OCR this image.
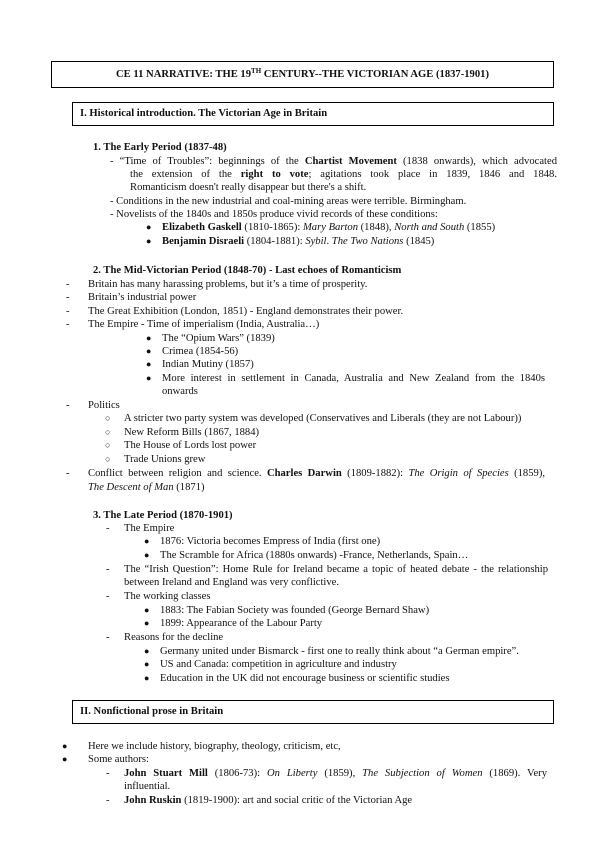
CE 11 NARRATIVE: THE 19TH CENTURY--THE VICTORIAN AGE (1837-1901)
I. Historical introduction. The Victorian Age in Britain
1. The Early Period (1837-48)
- “Time of Troubles”: beginnings of the Chartist Movement (1838 onwards), which advocated
the extension of the right to vote; agitations took place in 1839, 1846 and 1848.
Romanticism doesn't really disappear but there's a shift.
- Conditions in the new industrial and coal-mining areas were terrible. Birmingham.
- Novelists of the 1840s and 1850s produce vivid records of these conditions:
● Elizabeth Gaskell (1810-1865): Mary Barton (1848), North and South (1855)
● Benjamin Disraeli (1804-1881): Sybil. The Two Nations (1845)
2. The Mid-Victorian Period (1848-70) - Last echoes of Romanticism
- Britain has many harassing problems, but it’s a time of prosperity.
- Britain’s industrial power
- The Great Exhibition (London, 1851) - England demonstrates their power.
- The Empire - Time of imperialism (India, Australia…)
● The “Opium Wars” (1839)
● Crimea (1854-56)
● Indian Mutiny (1857)
● More interest in settlement in Canada, Australia and New Zealand from the 1840s
onwards
- Politics
○ A stricter two party system was developed (Conservatives and Liberals (they are not Labour))
○ New Reform Bills (1867, 1884)
○ The House of Lords lost power
○ Trade Unions grew
- Conflict between religion and science. Charles Darwin (1809-1882): The Origin of Species (1859),
The Descent of Man (1871)
3. The Late Period (1870-1901)
- The Empire
● 1876: Victoria becomes Empress of India (first one)
● The Scramble for Africa (1880s onwards) -France, Netherlands, Spain…
- The “Irish Question”: Home Rule for Ireland became a topic of heated debate - the relationship
between Ireland and England was very conflictive.
- The working classes
● 1883: The Fabian Society was founded (George Bernard Shaw)
● 1899: Appearance of the Labour Party
- Reasons for the decline
● Germany united under Bismarck - first one to really think about “a German empire”.
● US and Canada: competition in agriculture and industry
● Education in the UK did not encourage business or scientific studies
II. Nonfictional prose in Britain
● Here we include history, biography, theology, criticism, etc,
● Some authors:
- John Stuart Mill (1806-73): On Liberty (1859), The Subjection of Women (1869). Very
influential.
- John Ruskin (1819-1900): art and social critic of the Victorian Age
